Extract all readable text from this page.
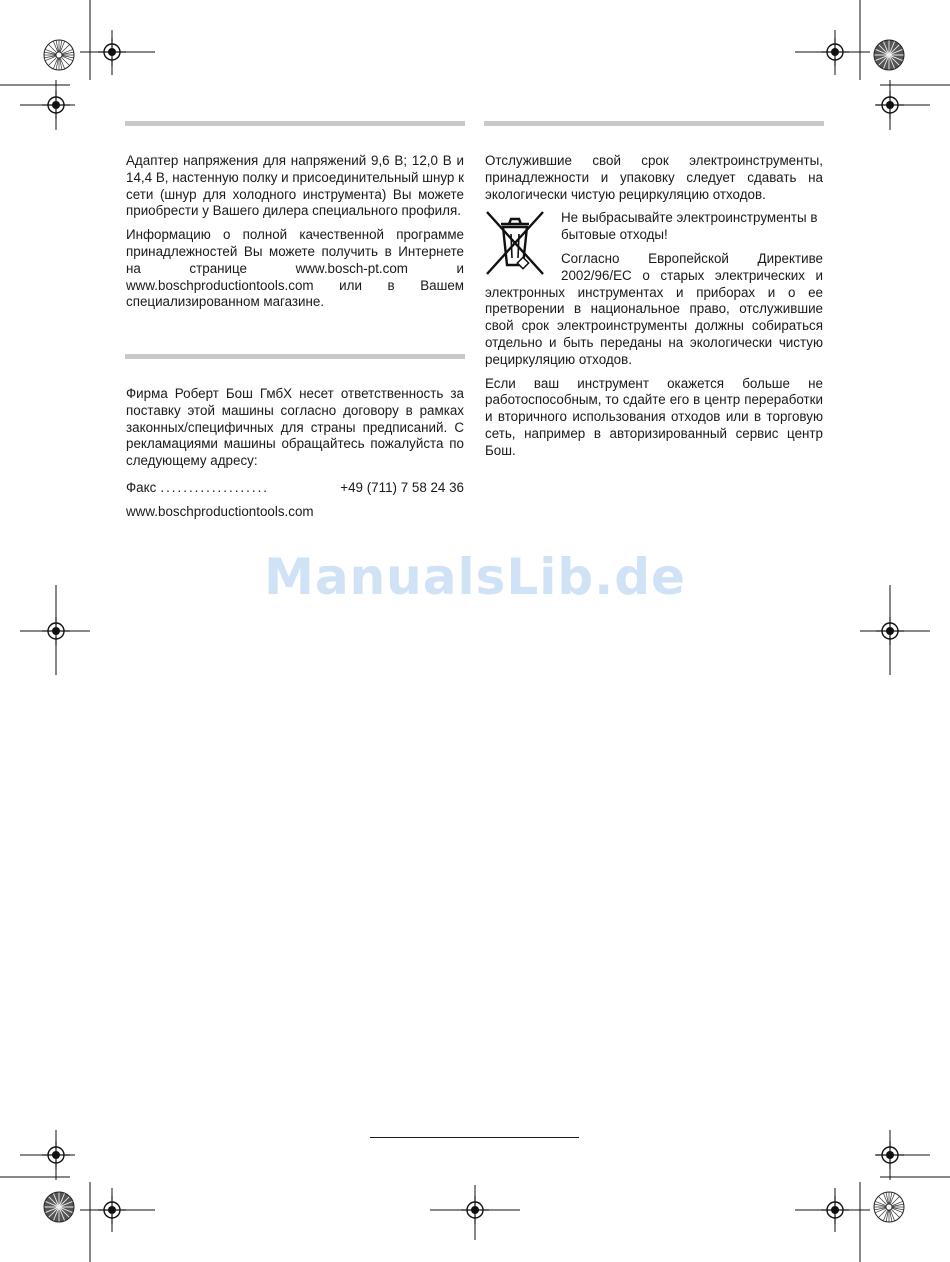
Адаптер напряжения для напряжений 9,6 В; 12,0 В и 14,4 В, настенную полку и присоединительный шнур к сети (шнур для холодного инструмента) Вы можете приобрести у Вашего дилера специального профиля.

Информацию о полной качественной программе принадлежностей Вы можете получить в Интернете на странице www.bosch-pt.com и www.boschproductiontools.com или в Вашем специализированном магазине.

Фирма Роберт Бош ГмбХ несет ответственность за поставку этой машины согласно договору в рамках законных/специфичных для страны предписаний. С рекламациями машины обращайтесь пожалуйста по следующему адресу:

Факс ...................	+49 (711) 7 58 24 36

www.boschproductiontools.com

Отслужившие свой срок электроинструменты, принадлежности и упаковку следует сдавать на экологически чистую рециркуляцию отходов.

Не выбрасывайте электроинструменты в бытовые отходы!

Согласно Европейской Директиве 2002/96/ЕС о старых электрических и электронных инструментах и приборах и о ее претворении в национальное право, отслужившие свой срок электроинструменты должны собираться отдельно и быть переданы на экологически чистую рециркуляцию отходов.

Если ваш инструмент окажется больше не работоспособным, то сдайте его в центр переработки и вторичного использования отходов или в торговую сеть, например в авторизированный сервис центр Бош.

ManualsLib.de
